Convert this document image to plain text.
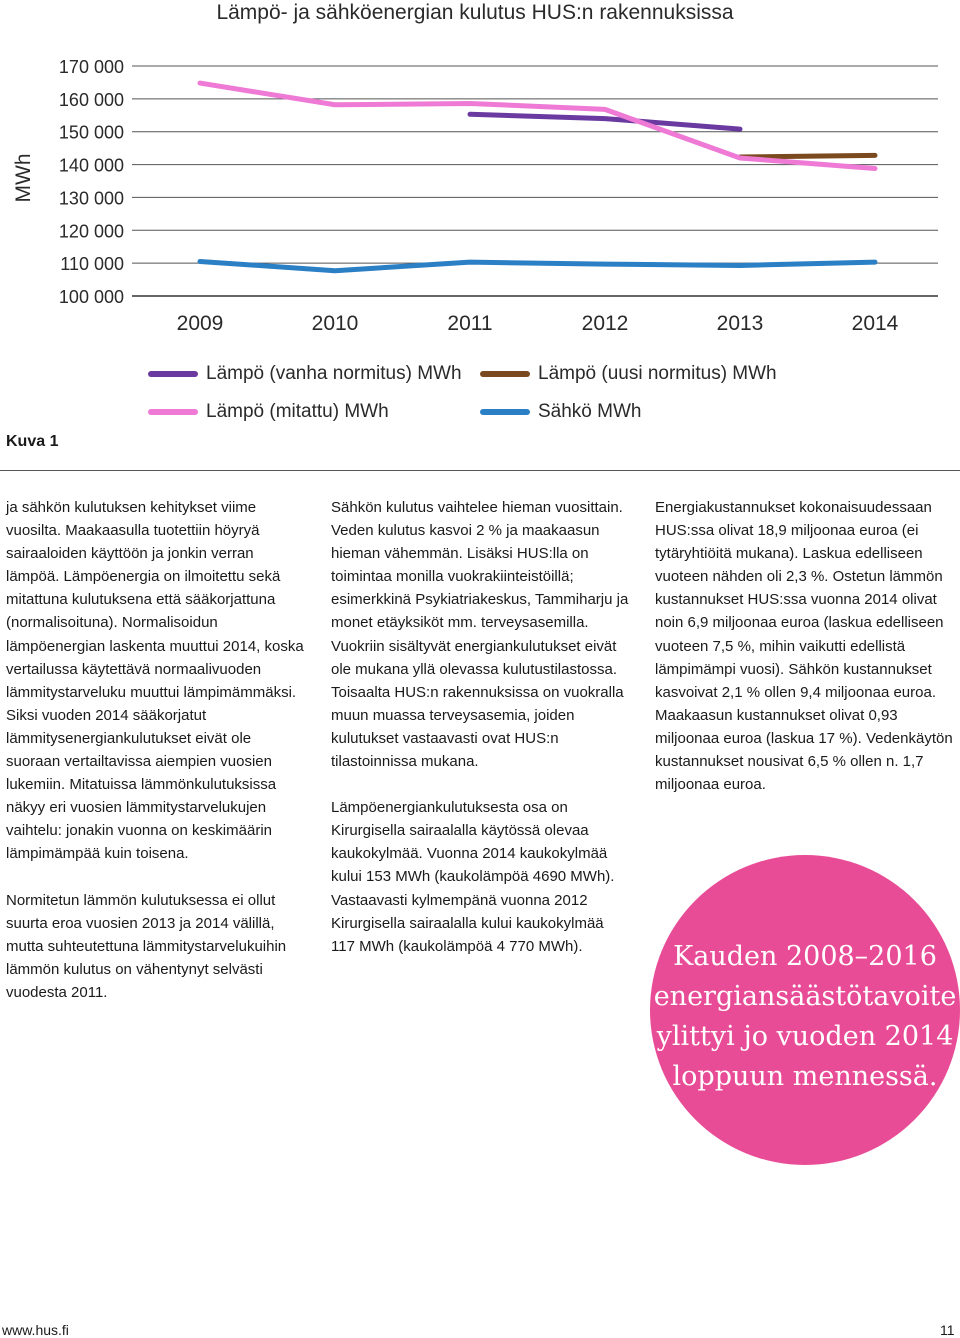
Lämpö- ja sähköenergian kulutus HUS:n rakennuksissa
MWh
100 000
110 000
120 000
130 000
140 000
150 000
160 000
170 000
2009	2010	2011	2012	2013	2014
Lämpö (vanha normitus) MWh	Lämpö (uusi normitus) MWh
Lämpö (mitattu) MWh	Sähkö MWh
Kuva 1

ja sähkön kulutuksen kehitykset viime vuosilta. Maakaasulla tuotettiin höyryä sairaaloiden käyttöön ja jonkin verran lämpöä. Lämpöenergia on ilmoitettu sekä mitattuna kulutuksena että sääkorjattuna (normalisoituna). Normalisoidun lämpöenergian laskenta muuttui 2014, koska vertailussa käytettävä normaalivuoden lämmitystarveluku muuttui lämpimämmäksi. Siksi vuoden 2014 sääkorjatut lämmitysenergiankulutukset eivät ole suoraan vertailtavissa aiempien vuosien lukemiin. Mitatuissa lämmönkulutuksissa näkyy eri vuosien lämmitystarvelukujen vaihtelu: jonakin vuonna on keskimäärin lämpimämpää kuin toisena.

Normitetun lämmön kulutuksessa ei ollut suurta eroa vuosien 2013 ja 2014 välillä, mutta suhteutettuna lämmitystarvelukuihin lämmön kulutus on vähentynyt selvästi vuodesta 2011.

Sähkön kulutus vaihtelee hieman vuosittain. Veden kulutus kasvoi 2 % ja maakaasun hieman vähemmän. Lisäksi HUS:lla on toimintaa monilla vuokrakiinteistöillä; esimerkkinä Psykiatriakeskus, Tammiharju ja monet etäyksiköt mm. terveysasemilla. Vuokriin sisältyvät energiankulutukset eivät ole mukana yllä olevassa kulutustilastossa. Toisaalta HUS:n rakennuksissa on vuokralla muun muassa terveysasemia, joiden kulutukset vastaavasti ovat HUS:n tilastoinnissa mukana.

Lämpöenergiankulutuksesta osa on Kirurgisella sairaalalla käytössä olevaa kaukokylmää. Vuonna 2014 kaukokylmää kului 153 MWh (kaukolämpöä 4690 MWh). Vastaavasti kylmempänä vuonna 2012 Kirurgisella sairaalalla kului kaukokylmää 117 MWh (kaukolämpöä 4 770 MWh).

Energiakustannukset kokonaisuudessaan HUS:ssa olivat 18,9 miljoonaa euroa (ei tytäryhtiöitä mukana). Laskua edelliseen vuoteen nähden oli 2,3 %. Ostetun lämmön kustannukset HUS:ssa vuonna 2014 olivat noin 6,9 miljoonaa euroa (laskua edelliseen vuoteen 7,5 %, mihin vaikutti edellistä lämpimämpi vuosi). Sähkön kustannukset kasvoivat 2,1 % ollen 9,4 miljoonaa euroa. Maakaasun kustannukset olivat 0,93 miljoonaa euroa (laskua 17 %). Vedenkäytön kustannukset nousivat 6,5 % ollen n. 1,7 miljoonaa euroa.

Kauden 2008–2016 energiansäästötavoite ylittyi jo vuoden 2014 loppuun mennessä.
www.hus.fi	11
